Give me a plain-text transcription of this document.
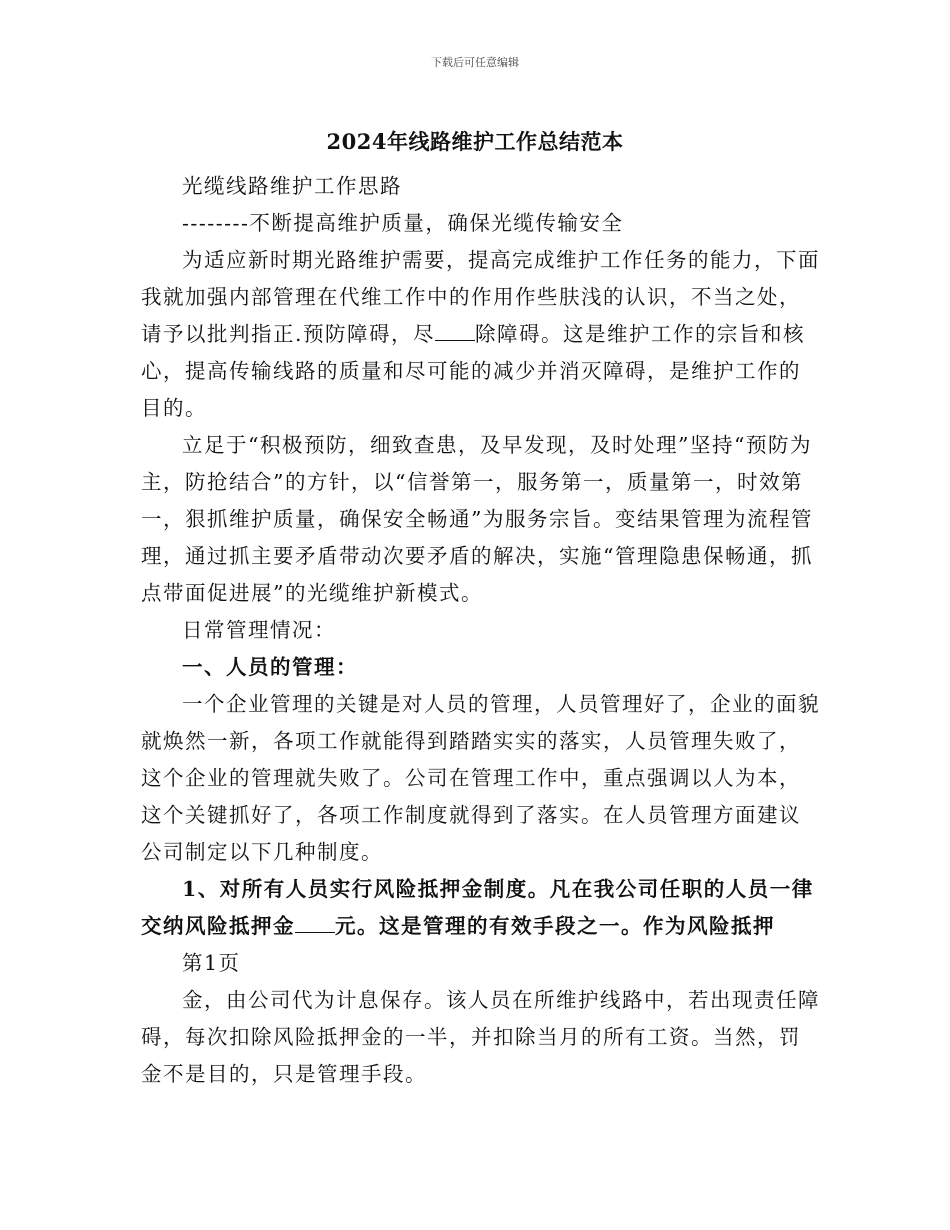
下载后可任意编辑
2024年线路维护工作总结范本

光缆线路维护工作思路

--------不断提高维护质量，确保光缆传输安全

为适应新时期光路维护需要，提高完成维护工作任务的能力，下面我就加强内部管理在代维工作中的作用作些肤浅的认识，不当之处，请予以批判指正.预防障碍，尽 除障碍。这是维护工作的宗旨和核心，提高传输线路的质量和尽可能的减少并消灭障碍，是维护工作的目的。

立足于“积极预防，细致查患，及早发现，及时处理”坚持“预防为主，防抢结合”的方针，以“信誉第一，服务第一，质量第一，时效第一，狠抓维护质量，确保安全畅通”为服务宗旨。变结果管理为流程管理，通过抓主要矛盾带动次要矛盾的解决，实施“管理隐患保畅通，抓点带面促进展”的光缆维护新模式。

日常管理情况：

一、人员的管理：

一个企业管理的关键是对人员的管理，人员管理好了，企业的面貌就焕然一新，各项工作就能得到踏踏实实的落实，人员管理失败了，这个企业的管理就失败了。公司在管理工作中，重点强调以人为本，这个关键抓好了，各项工作制度就得到了落实。在人员管理方面建议公司制定以下几种制度。

1、对所有人员实行风险抵押金制度。凡在我公司任职的人员一律交纳风险抵押金 元。这是管理的有效手段之一。作为风险抵押

第1页

金，由公司代为计息保存。该人员在所维护线路中，若出现责任障碍，每次扣除风险抵押金的一半，并扣除当月的所有工资。当然，罚金不是目的，只是管理手段。
